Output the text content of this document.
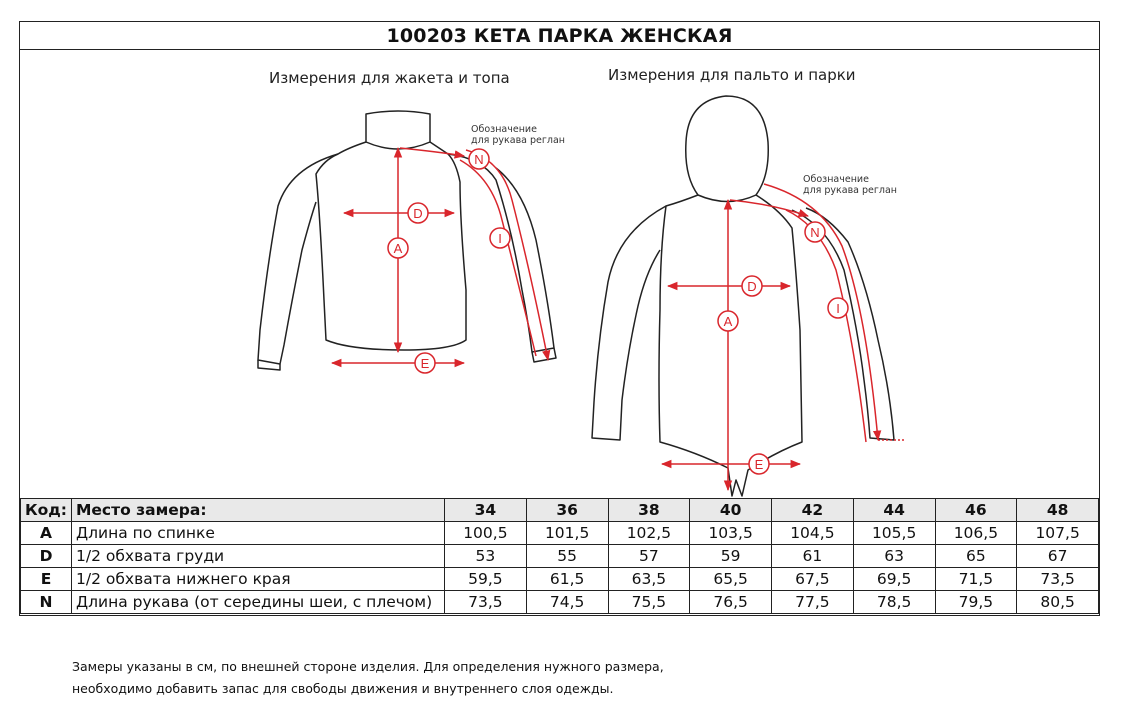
100203 КЕТА ПАРКА ЖЕНСКАЯ
Измерения для жакета и топа	Измерения для пальто и парки
Обозначение
для рукава реглан
Обозначение
для рукава реглан
A
D
E
N
I
A
D
E
N
I
Код:	Место замера:	34	36	38	40	42	44	46	48
A	Длина по спинке	100,5	101,5	102,5	103,5	104,5	105,5	106,5	107,5
D	1/2 обхвата груди	53	55	57	59	61	63	65	67
E	1/2 обхвата нижнего края	59,5	61,5	63,5	65,5	67,5	69,5	71,5	73,5
N	Длина рукава (от середины шеи, с плечом)	73,5	74,5	75,5	76,5	77,5	78,5	79,5	80,5
Замеры указаны в см, по внешней стороне изделия. Для определения нужного размера,
необходимо добавить запас для свободы движения и внутреннего слоя одежды.
